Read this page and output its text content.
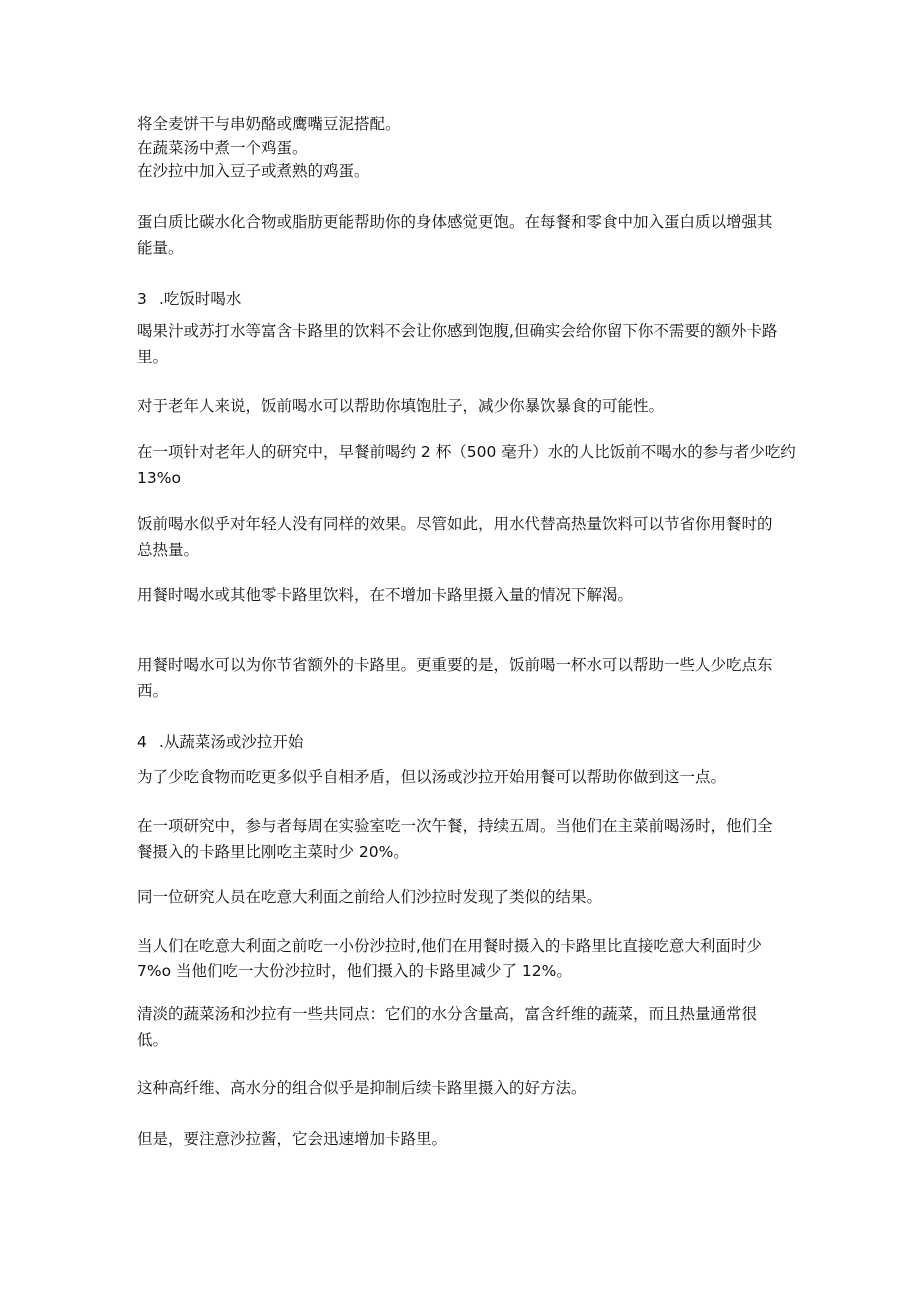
将全麦饼干与串奶酪或鹰嘴豆泥搭配。
在蔬菜汤中煮一个鸡蛋。
在沙拉中加入豆子或煮熟的鸡蛋。
蛋白质比碳水化合物或脂肪更能帮助你的身体感觉更饱。在每餐和零食中加入蛋白质以增强其
能量。
3 .吃饭时喝水
喝果汁或苏打水等富含卡路里的饮料不会让你感到饱腹,但确实会给你留下你不需要的额外卡路
里。
对于老年人来说，饭前喝水可以帮助你填饱肚子，减少你暴饮暴食的可能性。
在一项针对老年人的研究中，早餐前喝约 2 杯（500 毫升）水的人比饭前不喝水的参与者少吃约
13%o
饭前喝水似乎对年轻人没有同样的效果。尽管如此，用水代替高热量饮料可以节省你用餐时的
总热量。
用餐时喝水或其他零卡路里饮料，在不增加卡路里摄入量的情况下解渴。
用餐时喝水可以为你节省额外的卡路里。更重要的是，饭前喝一杯水可以帮助一些人少吃点东
西。
4 .从蔬菜汤或沙拉开始
为了少吃食物而吃更多似乎自相矛盾，但以汤或沙拉开始用餐可以帮助你做到这一点。
在一项研究中，参与者每周在实验室吃一次午餐，持续五周。当他们在主菜前喝汤时，他们全
餐摄入的卡路里比刚吃主菜时少 20%。
同一位研究人员在吃意大利面之前给人们沙拉时发现了类似的结果。
当人们在吃意大利面之前吃一小份沙拉时,他们在用餐时摄入的卡路里比直接吃意大利面时少
7%o 当他们吃一大份沙拉时，他们摄入的卡路里减少了 12%。
清淡的蔬菜汤和沙拉有一些共同点：它们的水分含量高，富含纤维的蔬菜，而且热量通常很
低。
这种高纤维、高水分的组合似乎是抑制后续卡路里摄入的好方法。
但是，要注意沙拉酱，它会迅速增加卡路里。
